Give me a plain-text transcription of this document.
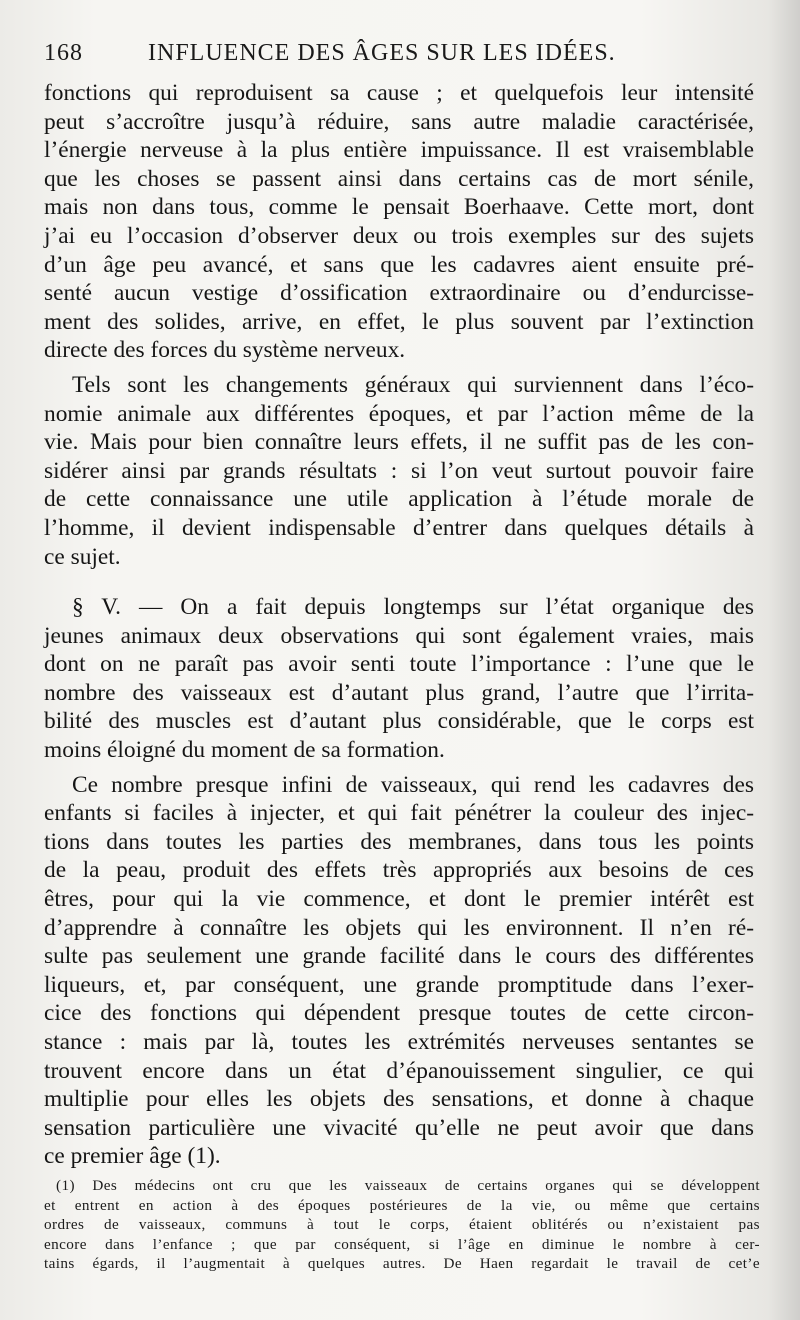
168	INFLUENCE DES ÂGES SUR LES IDÉES.
fonctions qui reproduisent sa cause ; et quelquefois leur intensité
peut s’accroître jusqu’à réduire, sans autre maladie caractérisée,
l’énergie nerveuse à la plus entière impuissance. Il est vraisemblable
que les choses se passent ainsi dans certains cas de mort sénile,
mais non dans tous, comme le pensait Boerhaave. Cette mort, dont
j’ai eu l’occasion d’observer deux ou trois exemples sur des sujets
d’un âge peu avancé, et sans que les cadavres aient ensuite pré-
senté aucun vestige d’ossification extraordinaire ou d’endurcisse-
ment des solides, arrive, en effet, le plus souvent par l’extinction
directe des forces du système nerveux.
Tels sont les changements généraux qui surviennent dans l’éco-
nomie animale aux différentes époques, et par l’action même de la
vie. Mais pour bien connaître leurs effets, il ne suffit pas de les con-
sidérer ainsi par grands résultats : si l’on veut surtout pouvoir faire
de cette connaissance une utile application à l’étude morale de
l’homme, il devient indispensable d’entrer dans quelques détails à
ce sujet.
§ V. — On a fait depuis longtemps sur l’état organique des
jeunes animaux deux observations qui sont également vraies, mais
dont on ne paraît pas avoir senti toute l’importance : l’une que le
nombre des vaisseaux est d’autant plus grand, l’autre que l’irrita-
bilité des muscles est d’autant plus considérable, que le corps est
moins éloigné du moment de sa formation.
Ce nombre presque infini de vaisseaux, qui rend les cadavres des
enfants si faciles à injecter, et qui fait pénétrer la couleur des injec-
tions dans toutes les parties des membranes, dans tous les points
de la peau, produit des effets très appropriés aux besoins de ces
êtres, pour qui la vie commence, et dont le premier intérêt est
d’apprendre à connaître les objets qui les environnent. Il n’en ré-
sulte pas seulement une grande facilité dans le cours des différentes
liqueurs, et, par conséquent, une grande promptitude dans l’exer-
cice des fonctions qui dépendent presque toutes de cette circon-
stance : mais par là, toutes les extrémités nerveuses sentantes se
trouvent encore dans un état d’épanouissement singulier, ce qui
multiplie pour elles les objets des sensations, et donne à chaque
sensation particulière une vivacité qu’elle ne peut avoir que dans
ce premier âge (1).
(1) Des médecins ont cru que les vaisseaux de certains organes qui se développent
et entrent en action à des époques postérieures de la vie, ou même que certains
ordres de vaisseaux, communs à tout le corps, étaient oblitérés ou n’existaient pas
encore dans l’enfance ; que par conséquent, si l’âge en diminue le nombre à cer-
tains égards, il l’augmentait à quelques autres. De Haen regardait le travail de cet’e
